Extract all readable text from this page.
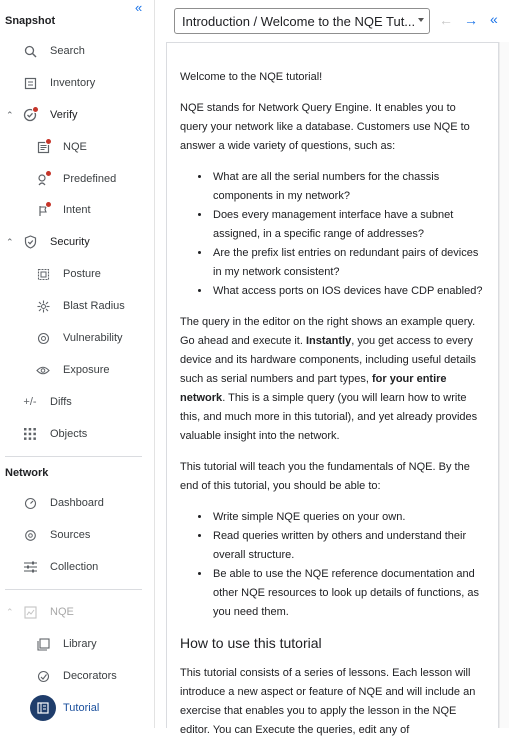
«
Snapshot
Search
Inventory
⌃	Verify
NQE
Predefined
Intent
⌃	Security
Posture
Blast Radius
Vulnerability
Exposure
+/- Diffs
Objects
Network
Dashboard
Sources
Collection
⌃	NQE
Library
Decorators
Tutorial
Introduction / Welcome to the NQE Tut... ← → «

Welcome to the NQE tutorial!

NQE stands for Network Query Engine. It enables you to query your network like a database. Customers use NQE to answer a wide variety of questions, such as:

• What are all the serial numbers for the chassis components in my network?
• Does every management interface have a subnet assigned, in a specific range of addresses?
• Are the prefix list entries on redundant pairs of devices in my network consistent?
• What access ports on IOS devices have CDP enabled?

The query in the editor on the right shows an example query. Go ahead and execute it. Instantly, you get access to every device and its hardware components, including useful details such as serial numbers and part types, for your entire network. This is a simple query (you will learn how to write this, and much more in this tutorial), and yet already provides valuable insight into the network.

This tutorial will teach you the fundamentals of NQE. By the end of this tutorial, you should be able to:

• Write simple NQE queries on your own.
• Read queries written by others and understand their overall structure.
• Be able to use the NQE reference documentation and other NQE resources to look up details of functions, as you need them.
How to use this tutorial

This tutorial consists of a series of lessons. Each lesson will introduce a new aspect or feature of NQE and will include an exercise that enables you to apply the lesson in the NQE editor. You can Execute the queries, edit any of
